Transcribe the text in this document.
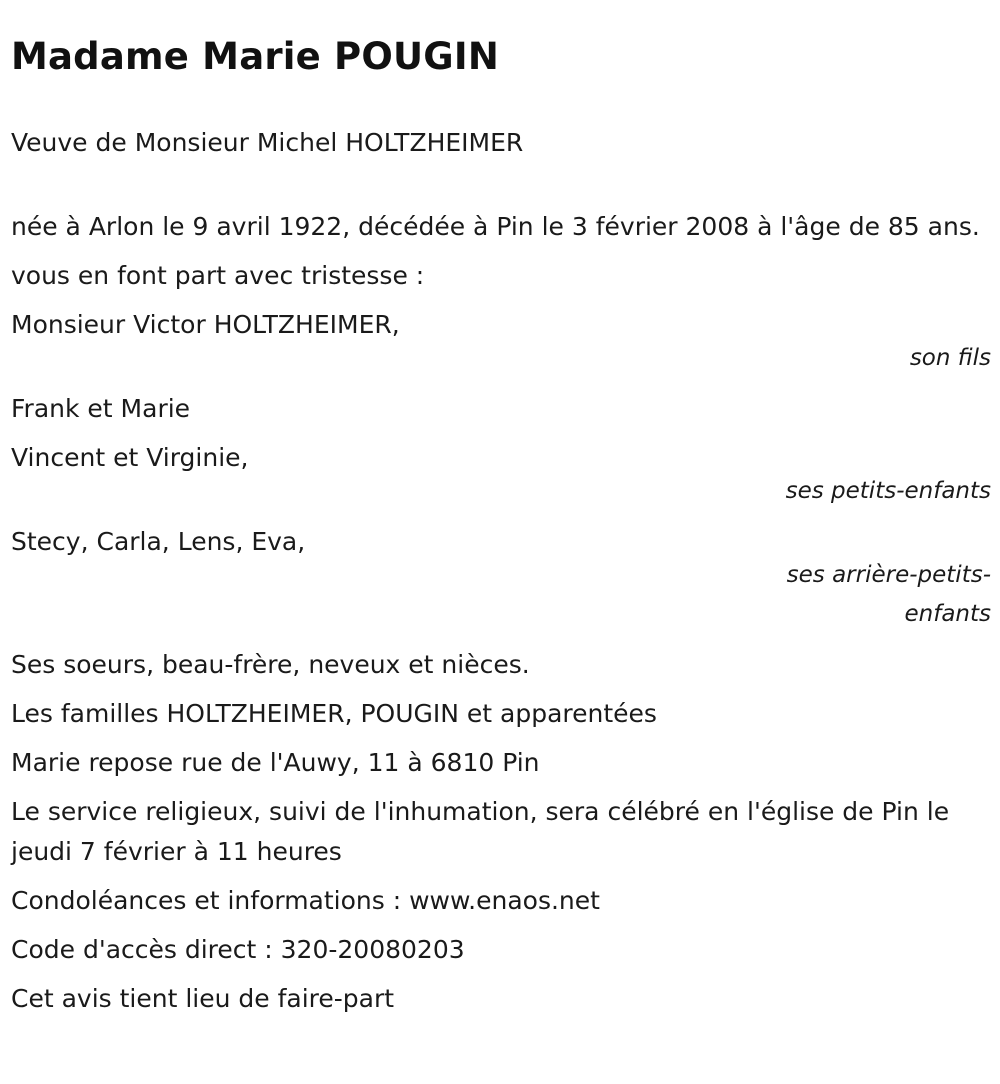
Madame Marie POUGIN

Veuve de Monsieur Michel HOLTZHEIMER

née à Arlon le 9 avril 1922, décédée à Pin le 3 février 2008 à l'âge de 85 ans.

vous en font part avec tristesse :

Monsieur Victor HOLTZHEIMER,

son fils

Frank et Marie

Vincent et Virginie,

ses petits-enfants

Stecy, Carla, Lens, Eva,

ses arrière-petits-enfants

Ses soeurs, beau-frère, neveux et nièces.

Les familles HOLTZHEIMER, POUGIN et apparentées

Marie repose rue de l'Auwy, 11 à 6810 Pin

Le service religieux, suivi de l'inhumation, sera célébré en l'église de Pin le jeudi 7 février à 11 heures

Condoléances et informations : www.enaos.net

Code d'accès direct : 320-20080203

Cet avis tient lieu de faire-part
